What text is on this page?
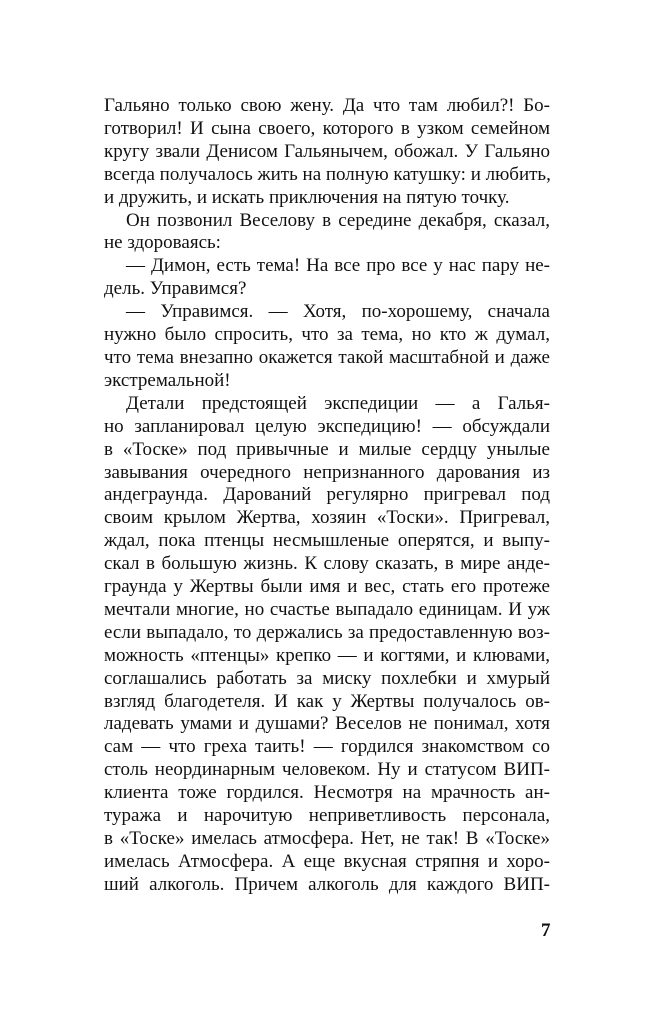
Гальяно только свою жену. Да что там любил?! Бо-
готворил! И сына своего, которого в узком семейном
кругу звали Денисом Гальянычем, обожал. У Гальяно
всегда получалось жить на полную катушку: и любить,
и дружить, и искать приключения на пятую точку.
Он позвонил Веселову в середине декабря, сказал,
не здороваясь:
— Димон, есть тема! На все про все у нас пару не-
дель. Управимся?
— Управимся. — Хотя, по-хорошему, сначала
нужно было спросить, что за тема, но кто ж думал,
что тема внезапно окажется такой масштабной и даже
экстремальной!
Детали предстоящей экспедиции — а Галья-
но запланировал целую экспедицию! — обсуждали
в «Тоске» под привычные и милые сердцу унылые
завывания очередного непризнанного дарования из
андеграунда. Дарований регулярно пригревал под
своим крылом Жертва, хозяин «Тоски». Пригревал,
ждал, пока птенцы несмышленые оперятся, и выпу-
скал в большую жизнь. К слову сказать, в мире анде-
граунда у Жертвы были имя и вес, стать его протеже
мечтали многие, но счастье выпадало единицам. И уж
если выпадало, то держались за предоставленную воз-
можность «птенцы» крепко — и когтями, и клювами,
соглашались работать за миску похлебки и хмурый
взгляд благодетеля. И как у Жертвы получалось ов-
ладевать умами и душами? Веселов не понимал, хотя
сам — что греха таить! — гордился знакомством со
столь неординарным человеком. Ну и статусом ВИП-
клиента тоже гордился. Несмотря на мрачность ан-
туража и нарочитую неприветливость персонала,
в «Тоске» имелась атмосфера. Нет, не так! В «Тоске»
имелась Атмосфера. А еще вкусная стряпня и хоро-
ший алкоголь. Причем алкоголь для каждого ВИП-
7
